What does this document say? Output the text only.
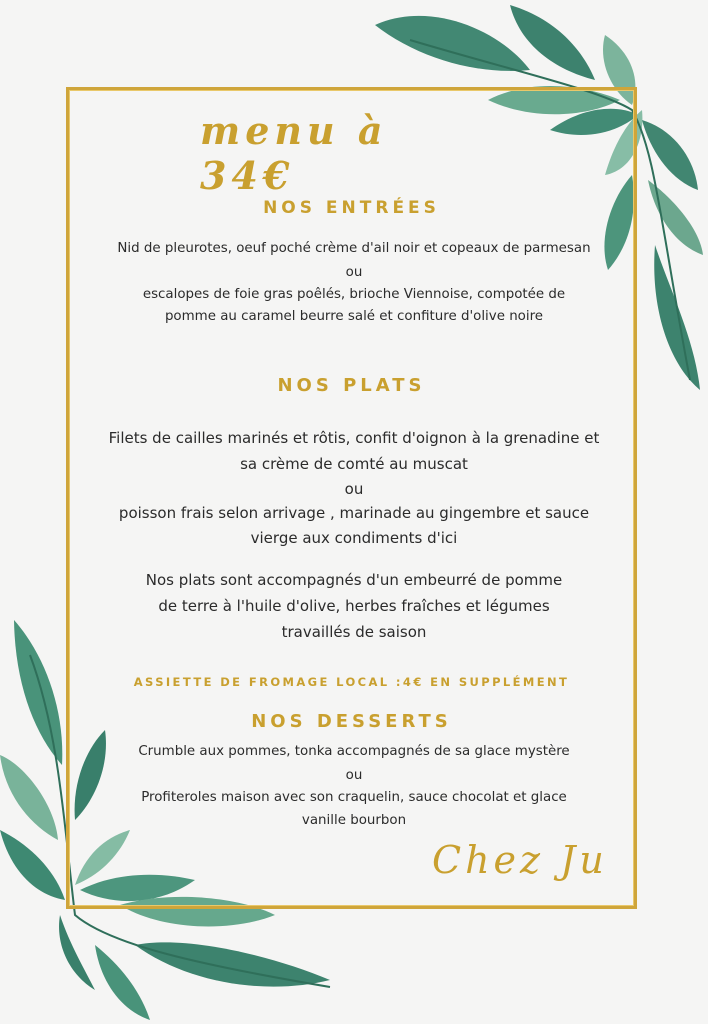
menu à 34€
NOS ENTRÉES

Nid de pleurotes, oeuf poché crème d'ail noir et copeaux de parmesan

ou

escalopes de foie gras poêlés, brioche Viennoise, compotée de

pomme au caramel beurre salé et confiture d'olive noire

NOS PLATS

Filets de cailles marinés et rôtis, confit d'oignon à la grenadine et

sa crème de comté au muscat

ou

poisson frais selon arrivage , marinade au gingembre et sauce

vierge aux condiments d'ici

Nos plats sont accompagnés d'un embeurré de pomme

de terre à l'huile d'olive, herbes fraîches et légumes

travaillés de saison

ASSIETTE DE FROMAGE LOCAL :4€ EN SUPPLÉMENT

NOS DESSERTS

Crumble aux pommes, tonka accompagnés de sa glace mystère

ou

Profiteroles maison avec son craquelin, sauce chocolat et glace

vanille bourbon

Chez Ju
